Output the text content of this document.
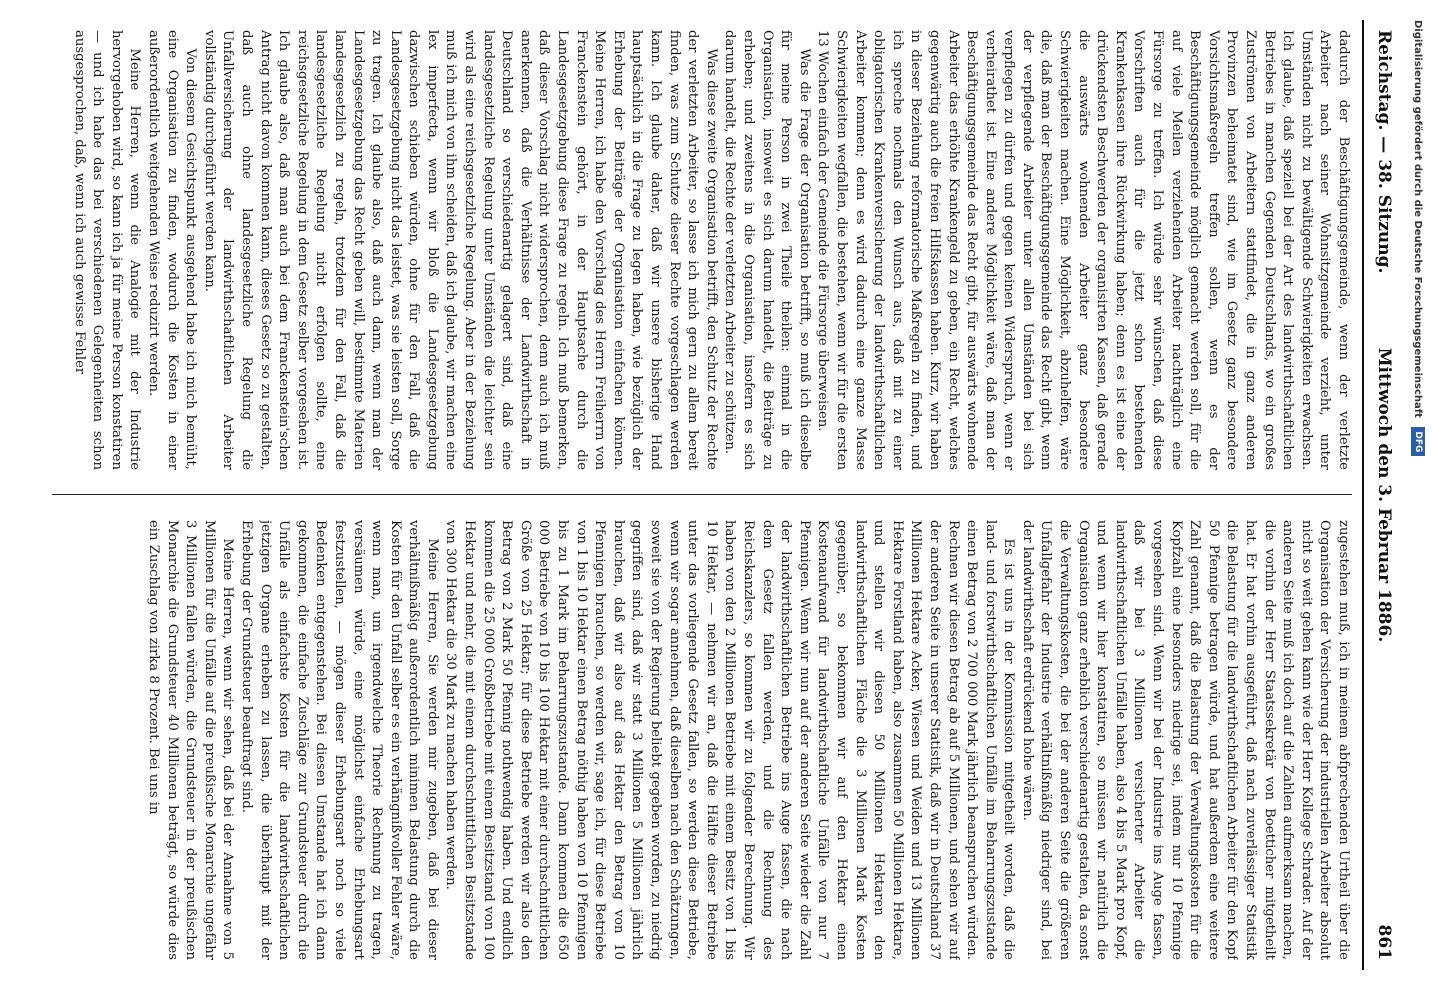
Reichstag. — 38. Sitzung.
Mittwoch den 3. Februar 1886.
861

dadurch der Beschäftigungsgemeinde, wenn der verletzte Arbeiter nach seiner Wohnsitzgemeinde verzieht, unter Umständen nicht zu bewältigende Schwierigkeiten erwachsen. Ich glaube, daß speziell bei der Art des landwirthschaftlichen Betriebes in manchen Gegenden Deutschlands, wo ein großes Zuströmen von Arbeitern stattfindet, die in ganz anderen Provinzen beheimatet sind, wie im Gesetz ganz besondere Vorsichtsmaßregeln treffen sollen, wenn es der Beschäftigungsgemeinde möglich gemacht werden soll, für die auf viele Meilen verziehenden Arbeiter nachträglich eine Fürsorge zu treffen. Ich würde sehr wünschen, daß diese Vorschriften auch für die jetzt schon bestehenden Krankenkassen ihre Rückwirkung haben; denn es ist eine der drückendsten Beschwerden der organisirten Kassen, daß gerade die auswärts wohnenden Arbeiter ganz besondere Schwierigkeiten machen. Eine Möglichkeit, abzuhelfen, wäre die, daß man der Beschäftigungsgemeinde das Recht gibt, wenn der verpflegende Arbeiter unter allen Umständen bei sich verpflegen zu dürfen und gegen keinen Widerspruch, wenn er verheirathet ist. Eine andere Möglichkeit wäre, daß man der Beschäftigungsgemeinde das Recht gibt, für auswärts wohnende Arbeiter das erhöhte Krankengeld zu geben, ein Recht, welches gegenwärtig auch die freien Hilfskassen haben. Kurz, wir haben in dieser Beziehung reformatorische Maßregeln zu finden, und ich spreche nochmals den Wunsch aus, daß mit zu einer obligatorischen Krankenversicherung der landwirthschaftlichen Arbeiter kommen; denn es wird dadurch eine ganze Masse Schwierigkeiten wegfallen, die bestehen, wenn wir für die ersten 13 Wochen einfach der Gemeinde die Fürsorge überweisen.

Was die Frage der Organisation betrifft, so muß ich dieselbe für meine Person in zwei Theile theilen: einmal in die Organisation, insoweit es sich darum handelt, die Beiträge zu erheben; und zweitens in die Organisation, insofern es sich darum handelt, die Rechte der verletzten Arbeiter zu schützen.

Was diese zweite Organisation betrifft, den Schutz der Rechte der verletzten Arbeiter, so lasse ich mich gern zu allem bereit finden, was zum Schutze dieser Rechte vorgeschlagen werden kann. Ich glaube daher, daß wir unsere bisherige Hand hauptsächlich in die Frage zu legen haben, wie bezüglich der Erhebung der Beiträge der Organisation einfachen können. Meine Herren, ich habe den Vorschlag des Herrn Freiherrn von Franckenstein gehört, in der Hauptsache durch die Landesgesetzgebung diese Frage zu regeln. Ich muß bemerken, daß dieser Vorschlag nicht widersprochen, denn auch ich muß anerkennen, daß die Verhältnisse der Landwirthschaft in Deutschland so verschiedenartig gelagert sind, daß eine landesgesetzliche Regelung unter Umständen die leichter sein wird als eine reichsgesetzliche Regelung. Aber in der Beziehung muß ich mich von ihm scheiden, daß ich glaube, wir machen eine lex imperfecta, wenn wir bloß die Landesgesetzgebung dazwischen schieben würden, ohne für den Fall, daß die Landesgesetzgebung nicht das leistet, was sie leisten soll, Sorge zu tragen. Ich glaube also, daß auch dann, wenn man der Landesgesetzgebung das Recht geben will, bestimmte Materien landesgesetzlich zu regeln, trotzdem für den Fall, daß die landesgesetzliche Regelung nicht erfolgen sollte, eine reichsgesetzliche Regelung in dem Gesetz selber vorgesehen ist. Ich glaube also, daß man auch bei dem Franckenstein'schen Antrag nicht davon kommen kann, dieses Gesetz so zu gestalten, daß auch ohne landesgesetzliche Regelung die Unfallversicherung der landwirthschaftlichen Arbeiter vollständig durchgeführt werden kann.

Von diesem Gesichtspunkt ausgehend habe ich mich bemüht, eine Organisation zu finden, wodurch die Kosten in einer außerordentlich weitgehenden Weise reduzirt werden.

Meine Herren, wenn die Analogie mit der Industrie hervorgehoben wird, so kann ich ja für meine Person konstatiren — und ich habe das bei verschiedenen Gelegenheiten schon ausgesprochen, daß, wenn ich auch gewisse Fehler

zugestehen muß, ich in meinem abfprechenden Urtheil über die Organisation der Versicherung der industriellen Arbeiter absolut nicht so weit gehen kann wie der Herr Kollege Schrader. Auf der anderen Seite muß ich doch auf die Zahlen aufmerksam machen, die vorhin der Herr Staatssekretär von Boetticher mitgetheilt hat. Er hat vorhin ausgeführt, daß nach zuverlässiger Statistik die Belastung für die landwirthschaftlichen Arbeiter für den Kopf 50 Pfennige betragen würde, und hat außerdem eine weitere Zahl genannt, daß die Belastung der Verwaltungskosten für die Kopfzahl eine besonders niedrige sei, indem nur 10 Pfennige vorgesehen sind. Wenn wir bei der Industrie ins Auge fassen, daß wir bei 3 Millionen versicherter Arbeiter die landwirthschaftlichen Unfälle haben, also 4 bis 5 Mark pro Kopf, und wenn wir hier konstatiren, so müssen wir natürlich die Organisation ganz erheblich verschiedenartig gestalten, da sonst die Verwaltungskosten, die bei der anderen Seite die größeren Unfallgefahr der Industrie verhältnißmäßig niedriger sind, bei der landwirthschaft erdrückend hohe wären.

Es ist uns in der Kommission mitgetheilt worden, daß die land- und forstwirthschaftlichen Unfälle im Beharrungszustande einen Betrag von 2 700 000 Mark jährlich beanspruchen würden. Rechnen wir diesen Betrag ab auf 5 Millionen, und sehen wir auf der anderen Seite in unserer Statistik, daß wir in Deutschland 37 Millionen Hektare Acker, Wiesen und Weiden und 13 Millionen Hektare Forstland haben, also zusammen 50 Millionen Hektare, und stellen wir diesen 50 Millionen Hektaren den landwirthschaftlichen Fläche die 3 Millionen Mark Kosten gegenüber, so bekommen wir auf den Hektar einen Kostenaufwand für landwirthschaftliche Unfälle von nur 7 Pfennigen. Wenn wir nun auf der anderen Seite wieder die Zahl der landwirthschaftlichen Betriebe ins Auge fassen, die nach dem Gesetz fallen werden, und die Rechnung des Reichskanzlers, so kommen wir zu folgender Berechnung. Wir haben von den 2 Millionen Betriebe mit einem Besitz von 1 bis 10 Hektar, — nehmen wir an, daß die Hälfte dieser Betriebe unter das vorliegende Gesetz fallen, so werden diese Betriebe, wenn wir sogar annehmen, daß dieselben nach den Schätzungen, soweit sie von der Regierung beliebt gegeben worden, zu niedrig gegriffen sind, daß wir statt 3 Millionen 5 Millionen jährlich brauchen, daß wir also auf das Hektar den Betrag von 10 Pfennigen brauchen, so werden wir, sage ich, für diese Betriebe von 1 bis 10 Hektar einen Betrag nöthig haben von 10 Pfennigen bis zu 1 Mark im Beharrungszustande. Dann kommen die 650 000 Betriebe von 10 bis 100 Hektar mit einer durchschnittlichen Größe von 25 Hektar; für diese Betriebe werden wir also den Betrag von 2 Mark 50 Pfennig nothwendig haben. Und endlich kommen die 25 000 Großbetriebe mit einem Besitzstand von 100 Hektar und mehr, die mit einem durchschnittlichen Besitzstande von 300 Hektar die 30 Mark zu machen haben werden.

Meine Herren, Sie werden mir zugeben, daß bei dieser verhältnißmäßig außerordentlich minimen Belastung durch die Kosten für den Unfall selber es ein verhängnißvoller Fehler wäre, wenn man, um irgendwelche Theorie Rechnung zu tragen, versäumen würde, eine möglichst einfache Erhebungsart festzustellen, — mögen dieser Erhebungsart noch so viele Bedenken entgegenstehen. Bei diesen Umstande hat ich dann gekommen, die einfache Zuschläge zur Grundsteuer durch die Unfälle als einfachste Kosten für die landwirthschaftlichen jetzigen Organe erheben zu lassen, die überhaupt mit der Erhebung der Grundsteuer beauftragt sind.

Meine Herren, wenn wir sehen, daß bei der Annahme von 5 Millionen für die Unfälle auf die preußische Monarchie ungefähr 3 Millionen fallen würden, die Grundsteuer in der preußischen Monarchie die Grundsteuer 40 Millionen beträgt, so würde dies ein Zuschlag von zirka 8 Prozent. Bei uns in

Digitalisierung gefördert durch die Deutsche Forschungsgemeinschaft DFG
